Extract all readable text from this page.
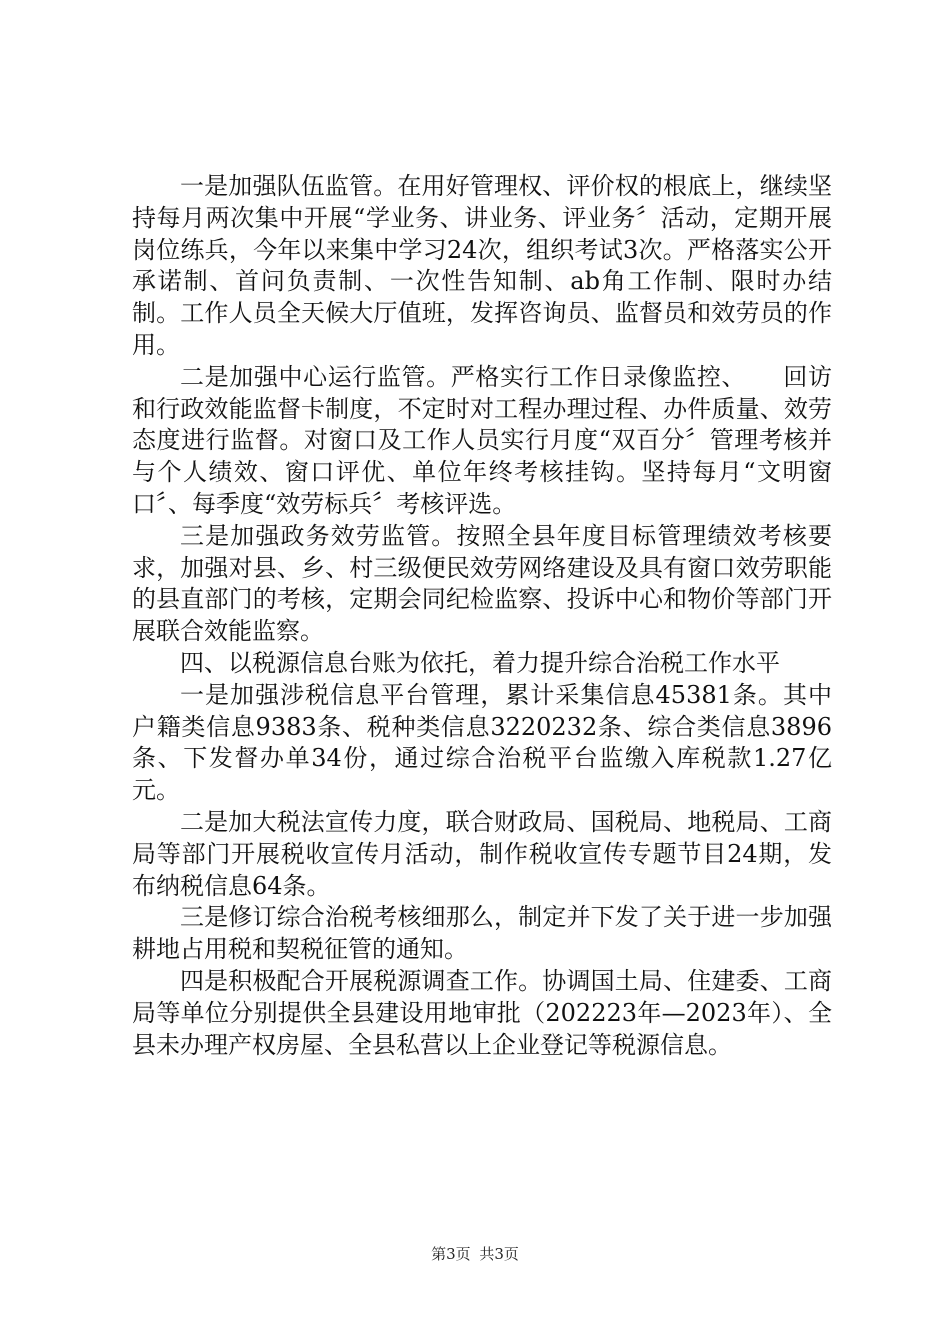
一是加强队伍监管。在用好管理权、评价权的根底上，继续坚持每月两次集中开展“学业务、讲业务、评业务〞活动，定期开展岗位练兵，今年以来集中学习24次，组织考试3次。严格落实公开承诺制、首问负责制、一次性告知制、ab角工作制、限时办结制。工作人员全天候大厅值班，发挥咨询员、监督员和效劳员的作用。

二是加强中心运行监管。严格实行工作日录像监控、　　回访和行政效能监督卡制度，不定时对工程办理过程、办件质量、效劳态度进行监督。对窗口及工作人员实行月度“双百分〞管理考核并与个人绩效、窗口评优、单位年终考核挂钩。坚持每月“文明窗口〞、每季度“效劳标兵〞考核评选。

三是加强政务效劳监管。按照全县年度目标管理绩效考核要求，加强对县、乡、村三级便民效劳网络建设及具有窗口效劳职能的县直部门的考核，定期会同纪检监察、投诉中心和物价等部门开展联合效能监察。

四、以税源信息台账为依托，着力提升综合治税工作水平

一是加强涉税信息平台管理，累计采集信息45381条。其中户籍类信息9383条、税种类信息3220232条、综合类信息3896条、下发督办单34份，通过综合治税平台监缴入库税款1.27亿元。

二是加大税法宣传力度，联合财政局、国税局、地税局、工商局等部门开展税收宣传月活动，制作税收宣传专题节目24期，发布纳税信息64条。

三是修订综合治税考核细那么，制定并下发了关于进一步加强耕地占用税和契税征管的通知。

四是积极配合开展税源调查工作。协调国土局、住建委、工商局等单位分别提供全县建设用地审批（202223年—2023年）、全县未办理产权房屋、全县私营以上企业登记等税源信息。

第3页 共3页
